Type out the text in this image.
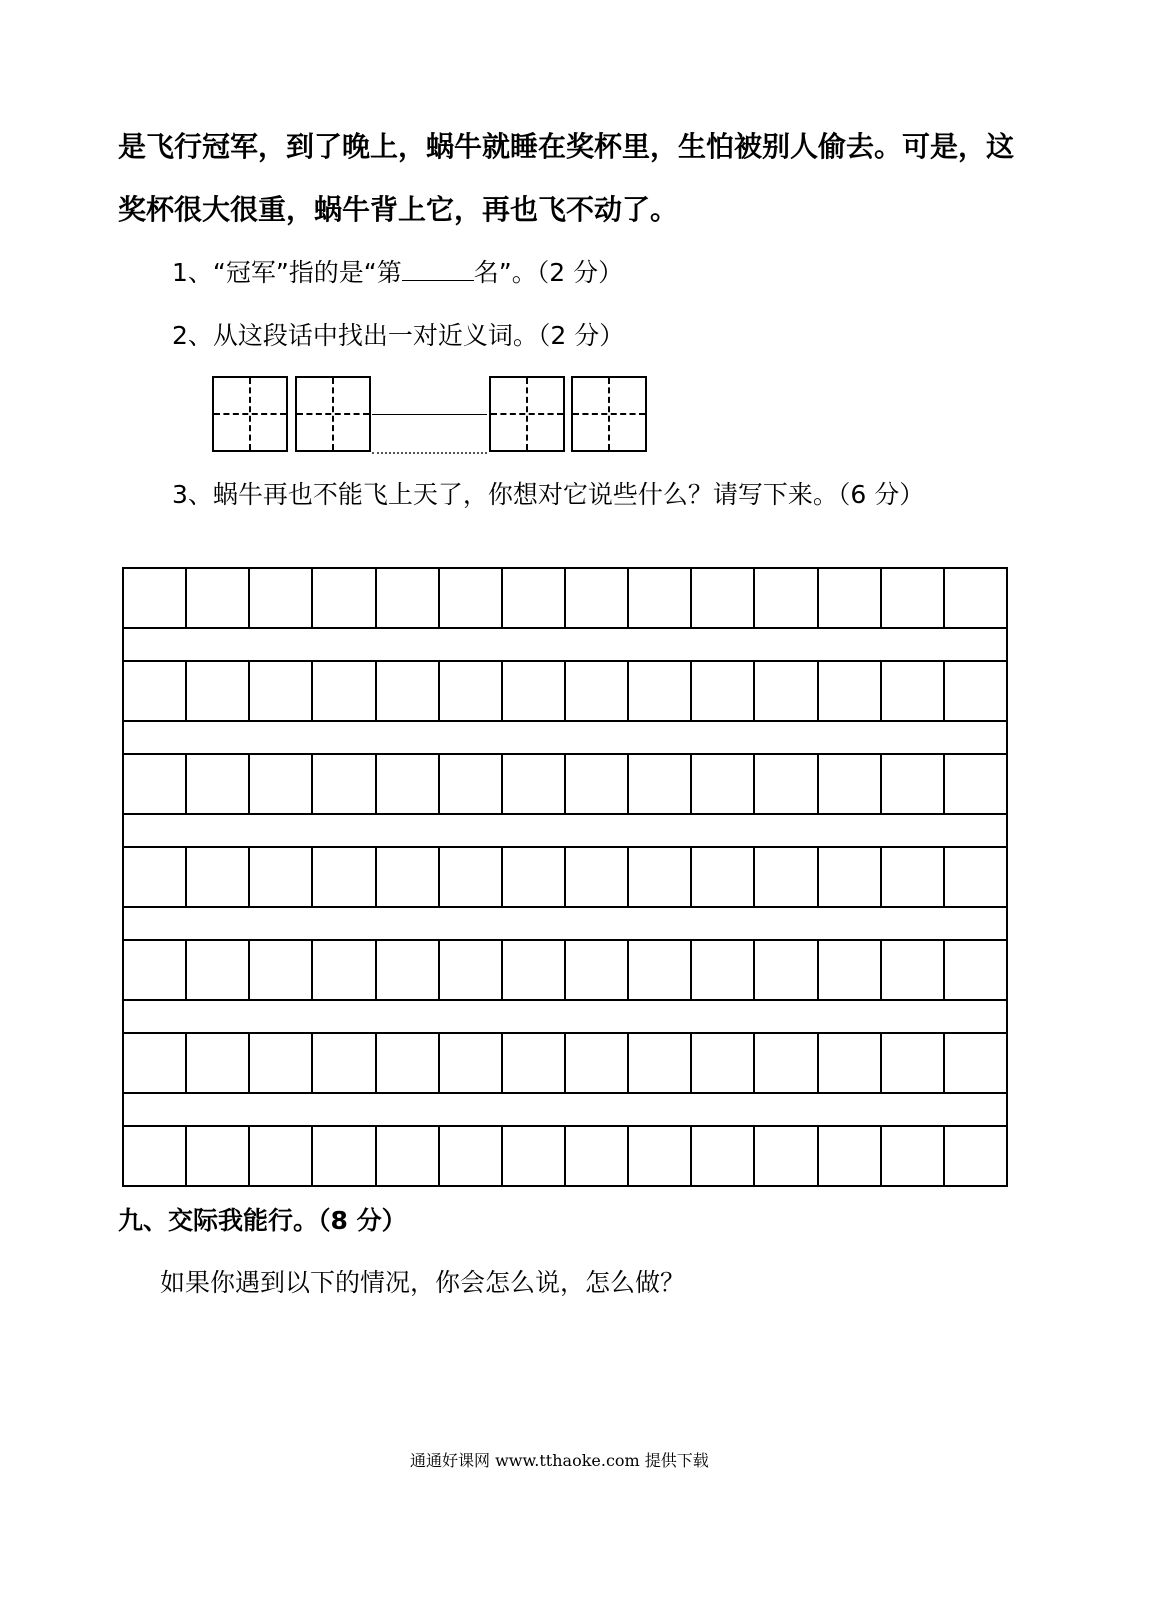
是飞行冠军，到了晚上，蜗牛就睡在奖杯里，生怕被别人偷去。可是，这
奖杯很大很重，蜗牛背上它，再也飞不动了。
1、“冠军”指的是“第	名”。（2 分）
2、从这段话中找出一对近义词。（2 分）
3、蜗牛再也不能飞上天了，你想对它说些什么？请写下来。（6 分）
九、交际我能行。（8 分）
如果你遇到以下的情况，你会怎么说，怎么做？
通通好课网 www.tthaoke.com 提供下载
